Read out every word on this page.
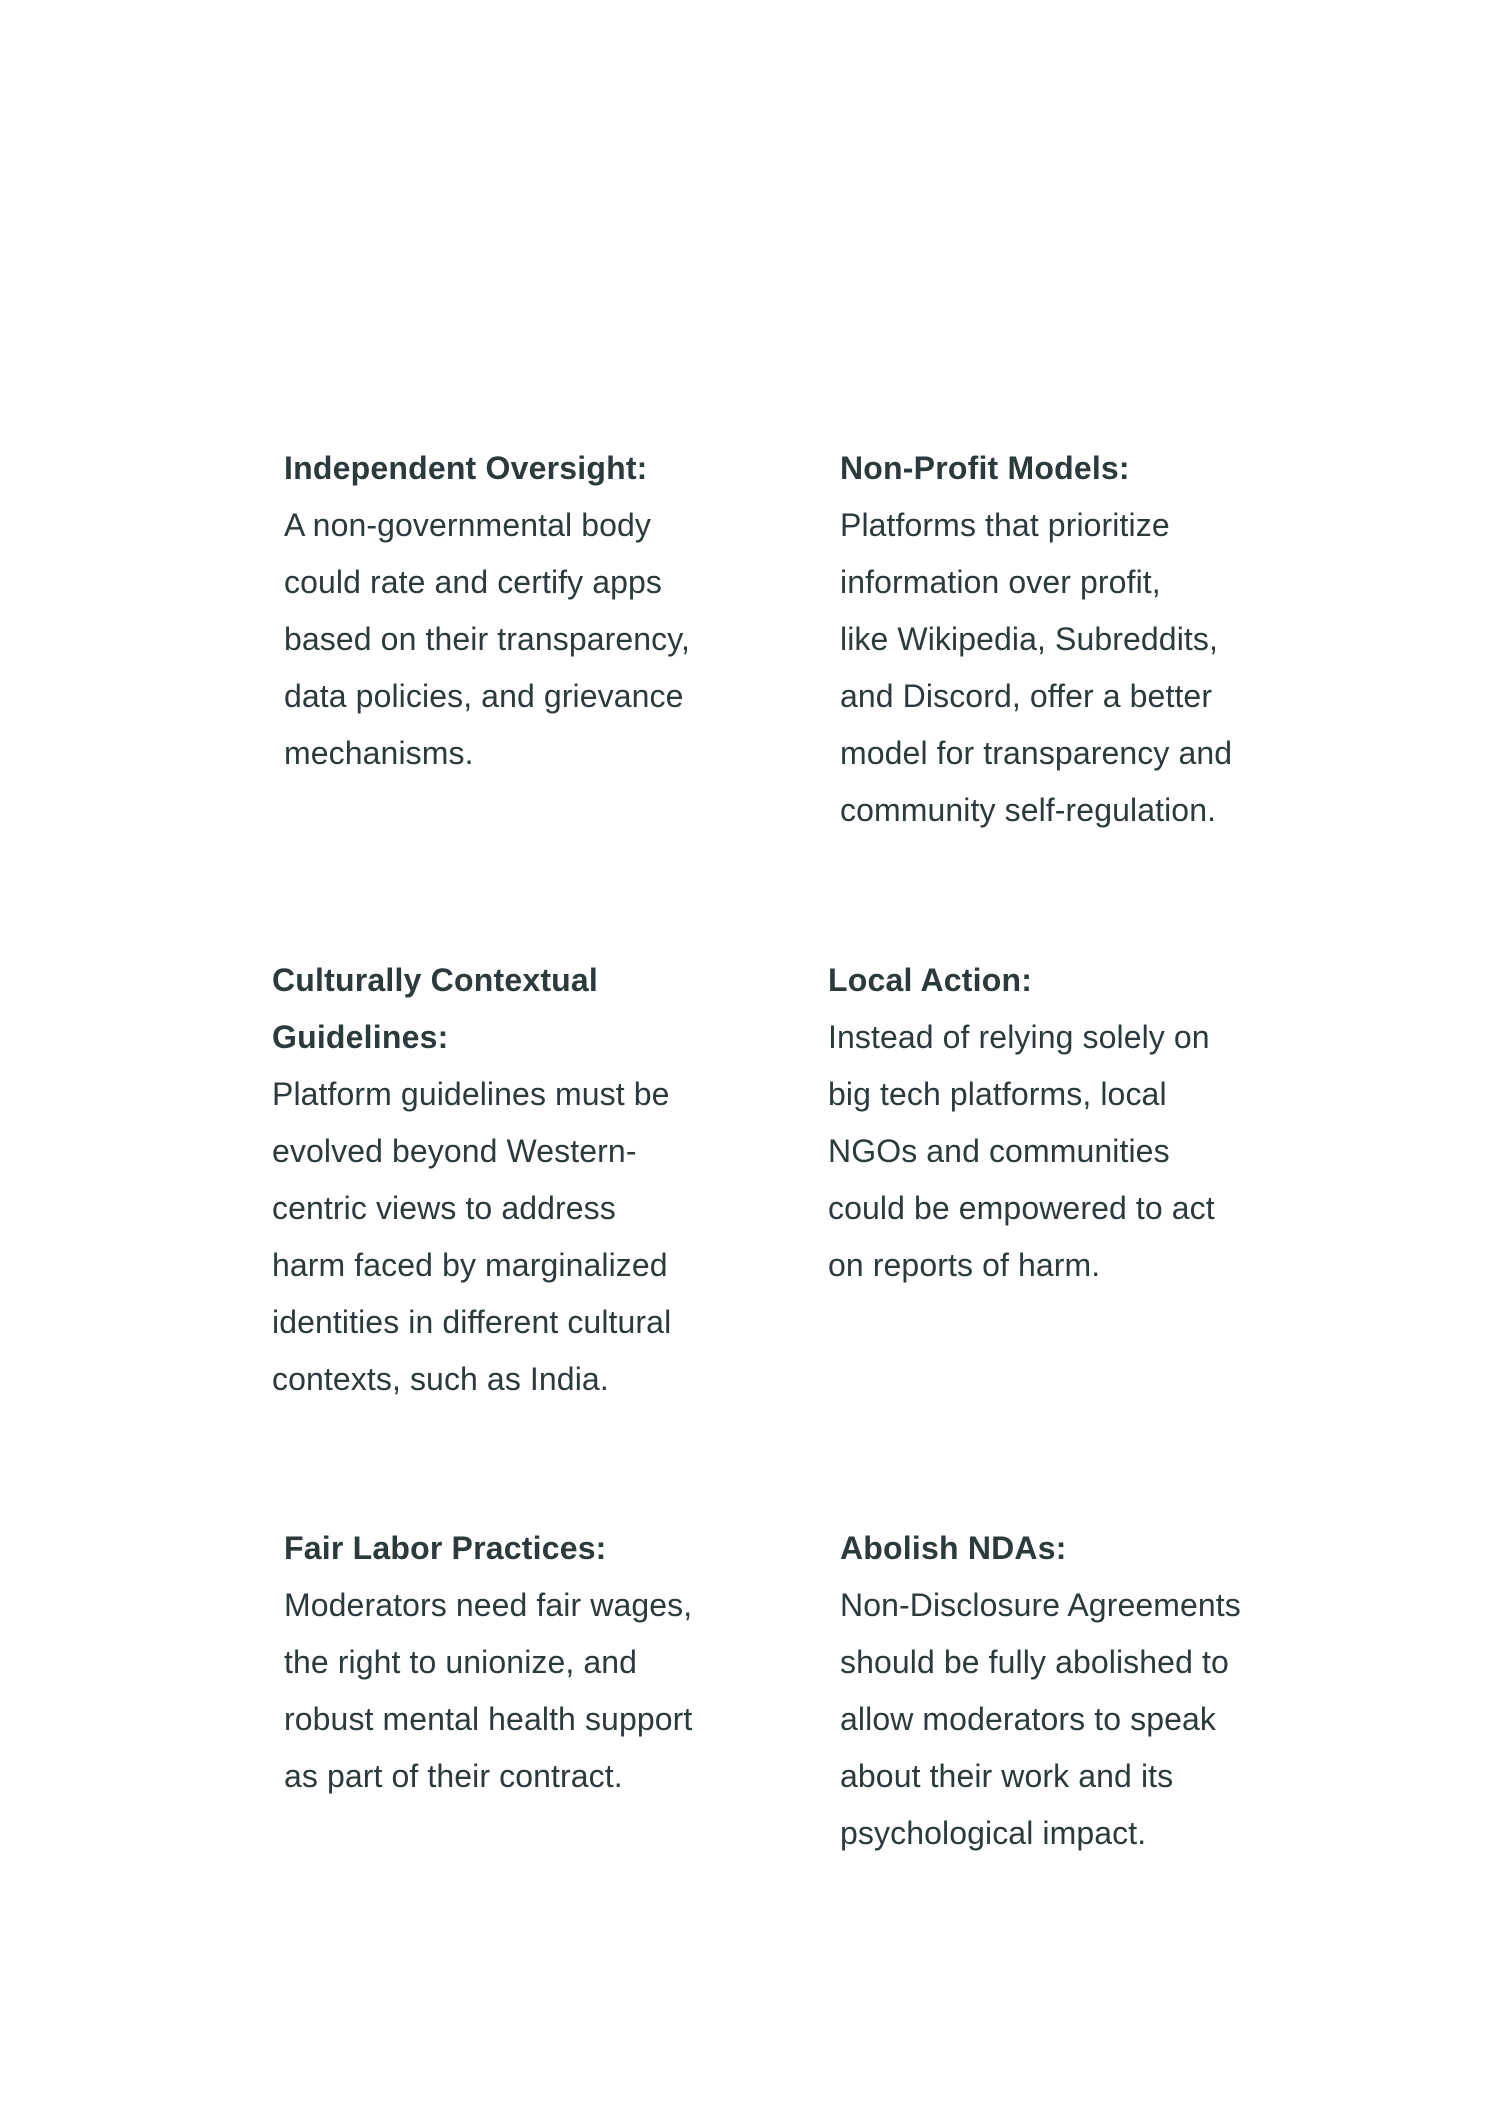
Independent Oversight:

A non-governmental body
could rate and certify apps
based on their transparency,
data policies, and grievance
mechanisms.

Non-Profit Models:

Platforms that prioritize
information over profit,
like Wikipedia, Subreddits,
and Discord, offer a better
model for transparency and
community self-regulation.

Culturally Contextual
Guidelines:

Platform guidelines must be
evolved beyond Western-
centric views to address
harm faced by marginalized
identities in different cultural
contexts, such as India.

Local Action:

Instead of relying solely on
big tech platforms, local
NGOs and communities
could be empowered to act
on reports of harm.

Fair Labor Practices:

Moderators need fair wages,
the right to unionize, and
robust mental health support
as part of their contract.

Abolish NDAs:

Non-Disclosure Agreements
should be fully abolished to
allow moderators to speak
about their work and its
psychological impact.
